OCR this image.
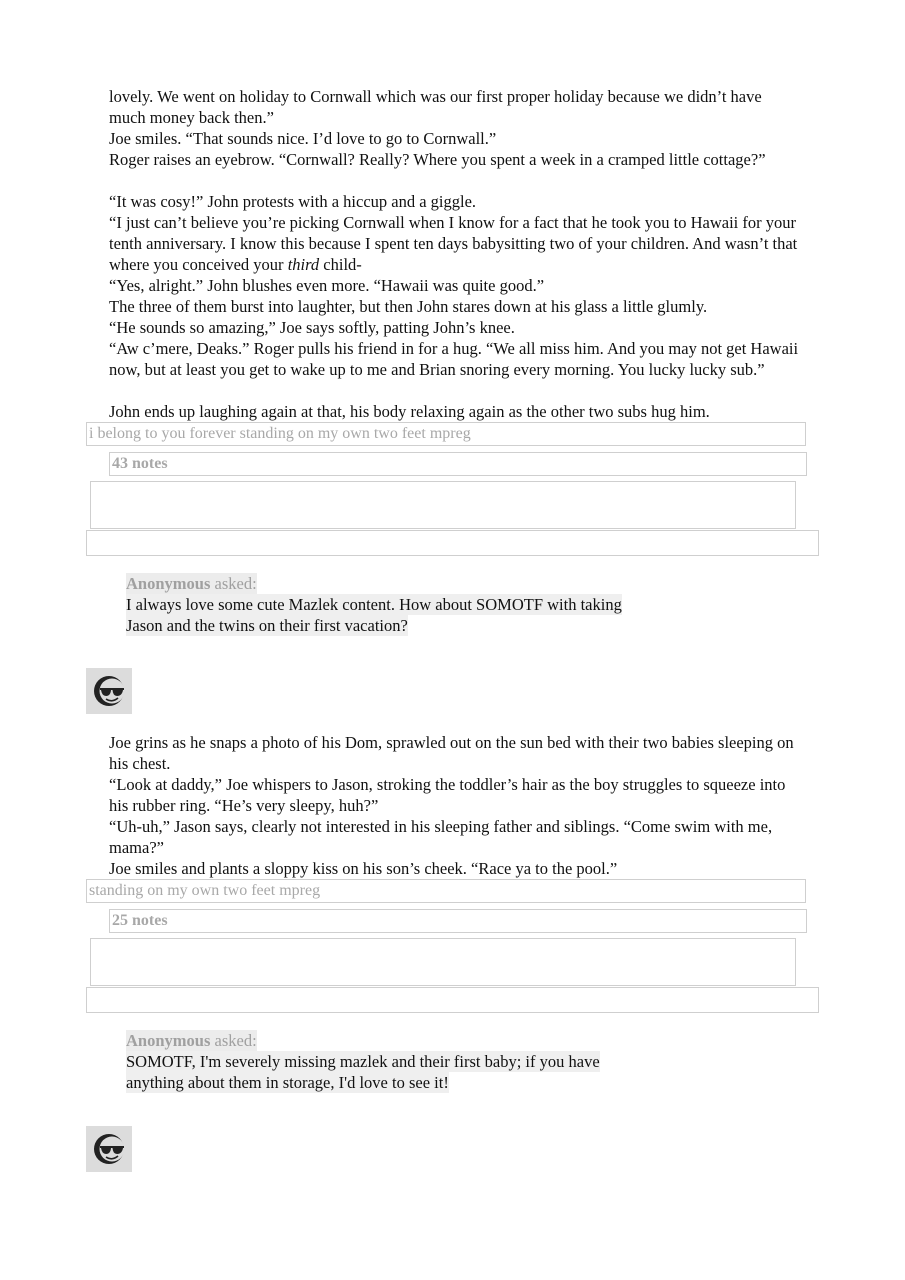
lovely. We went on holiday to Cornwall which was our first proper holiday because we didn’t have much money back then.”

Joe smiles. “That sounds nice. I’d love to go to Cornwall.”

Roger raises an eyebrow. “Cornwall? Really? Where you spent a week in a cramped little cottage?”

“It was cosy!” John protests with a hiccup and a giggle.

“I just can’t believe you’re picking Cornwall when I know for a fact that he took you to Hawaii for your tenth anniversary. I know this because I spent ten days babysitting two of your children. And wasn’t that where you conceived your third child-

“Yes, alright.” John blushes even more. “Hawaii was quite good.”

The three of them burst into laughter, but then John stares down at his glass a little glumly.

“He sounds so amazing,” Joe says softly, patting John’s knee.

“Aw c’mere, Deaks.” Roger pulls his friend in for a hug. “We all miss him. And you may not get Hawaii now, but at least you get to wake up to me and Brian snoring every morning. You lucky lucky sub.”

John ends up laughing again at that, his body relaxing again as the other two subs hug him.

i belong to you forever standing on my own two feet mpreg
43 notes
Anonymous asked:
I always love some cute Mazlek content. How about SOMOTF with taking
Jason and the twins on their first vacation?

Joe grins as he snaps a photo of his Dom, sprawled out on the sun bed with their two babies sleeping on his chest.

“Look at daddy,” Joe whispers to Jason, stroking the toddler’s hair as the boy struggles to squeeze into his rubber ring. “He’s very sleepy, huh?”

“Uh-uh,” Jason says, clearly not interested in his sleeping father and siblings. “Come swim with me, mama?”

Joe smiles and plants a sloppy kiss on his son’s cheek. “Race ya to the pool.”

standing on my own two feet mpreg
25 notes
Anonymous asked:
SOMOTF, I'm severely missing mazlek and their first baby; if you have
anything about them in storage, I'd love to see it!
